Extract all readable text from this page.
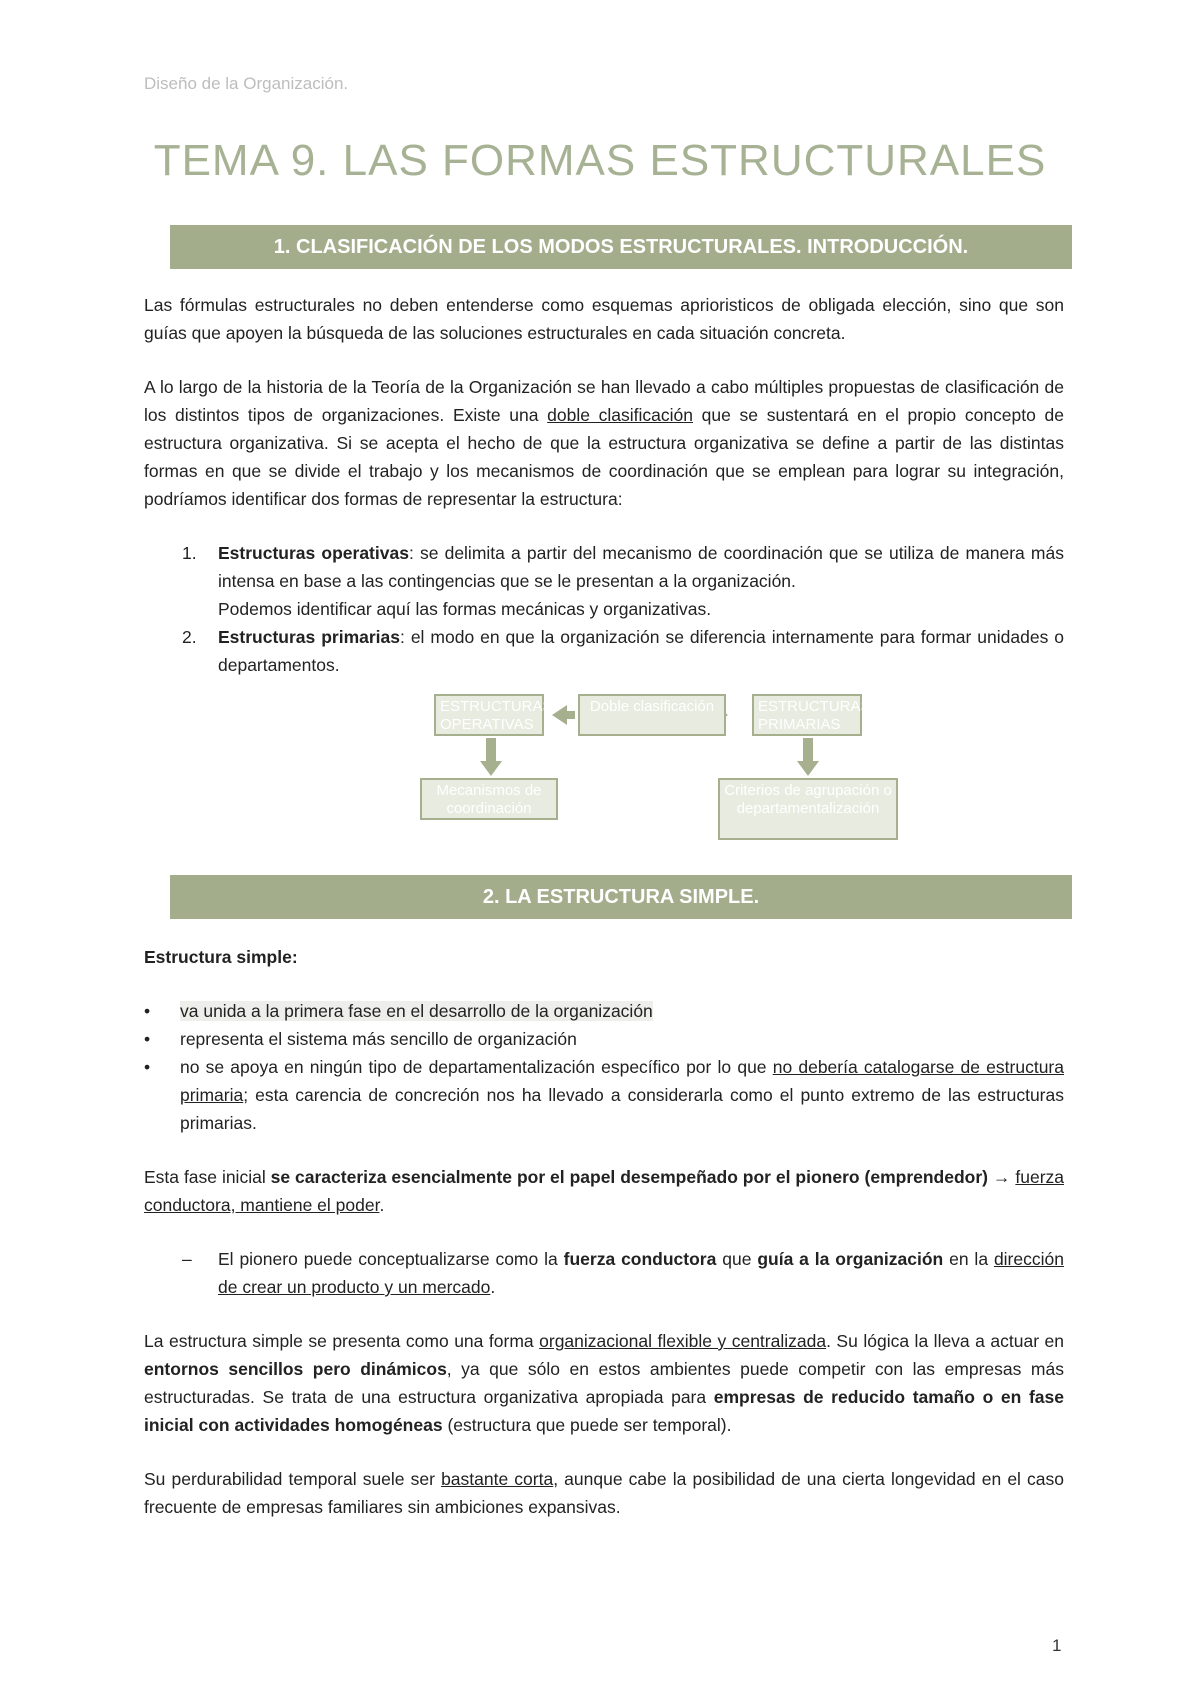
Diseño de la Organización.
TEMA 9. LAS FORMAS ESTRUCTURALES
1. CLASIFICACIÓN DE LOS MODOS ESTRUCTURALES. INTRODUCCIÓN.

Las fórmulas estructurales no deben entenderse como esquemas aprioristicos de obligada elección, sino que son guías que apoyen la búsqueda de las soluciones estructurales en cada situación concreta.

A lo largo de la historia de la Teoría de la Organización se han llevado a cabo múltiples propuestas de clasificación de los distintos tipos de organizaciones. Existe una doble clasificación que se sustentará en el propio concepto de estructura organizativa. Si se acepta el hecho de que la estructura organizativa se define a partir de las distintas formas en que se divide el trabajo y los mecanismos de coordinación que se emplean para lograr su integración, podríamos identificar dos formas de representar la estructura:

1. Estructuras operativas: se delimita a partir del mecanismo de coordinación que se utiliza de manera más intensa en base a las contingencias que se le presentan a la organización.
Podemos identificar aquí las formas mecánicas y organizativas.
2. Estructuras primarias: el modo en que la organización se diferencia internamente para formar unidades o departamentos.
ESTRUCTURAS OPERATIVAS
Doble clasificación	ESTRUCTURAS PRIMARIAS
Mecanismos de coordinación
Criterios de agrupación o departamentalización
2. LA ESTRUCTURA SIMPLE.

Estructura simple:

•	va unida a la primera fase en el desarrollo de la organización
•	representa el sistema más sencillo de organización
•	no se apoya en ningún tipo de departamentalización específico por lo que no debería catalogarse de estructura primaria; esta carencia de concreción nos ha llevado a considerarla como el punto extremo de las estructuras primarias.

Esta fase inicial se caracteriza esencialmente por el papel desempeñado por el pionero (emprendedor) → fuerza conductora, mantiene el poder.

– El pionero puede conceptualizarse como la fuerza conductora que guía a la organización en la dirección de crear un producto y un mercado.

La estructura simple se presenta como una forma organizacional flexible y centralizada. Su lógica la lleva a actuar en entornos sencillos pero dinámicos, ya que sólo en estos ambientes puede competir con las empresas más estructuradas. Se trata de una estructura organizativa apropiada para empresas de reducido tamaño o en fase inicial con actividades homogéneas (estructura que puede ser temporal).

Su perdurabilidad temporal suele ser bastante corta, aunque cabe la posibilidad de una cierta longevidad en el caso frecuente de empresas familiares sin ambiciones expansivas.

1
